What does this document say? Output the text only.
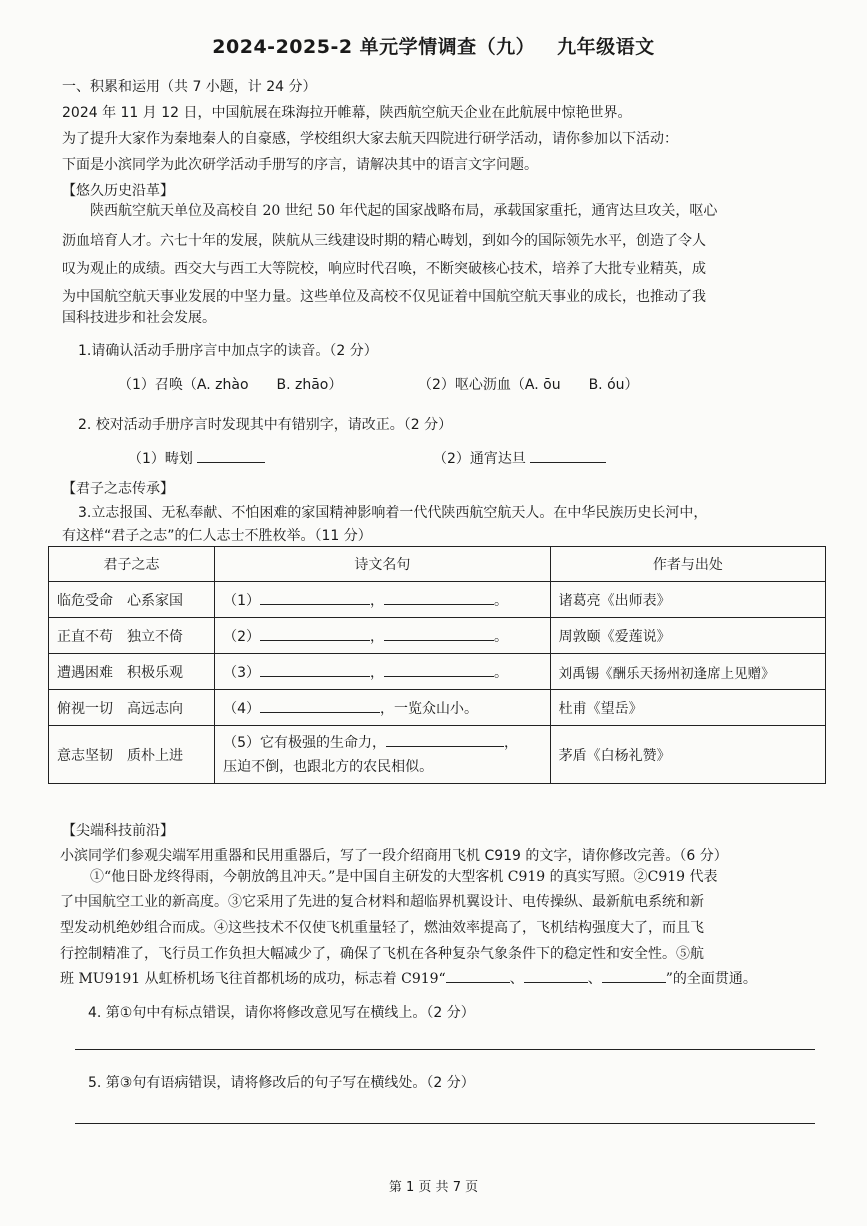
2024-2025-2 单元学情调查（九） 九年级语文
一、积累和运用（共 7 小题，计 24 分）
2024 年 11 月 12 日，中国航展在珠海拉开帷幕，陕西航空航天企业在此航展中惊艳世界。
为了提升大家作为秦地秦人的自豪感，学校组织大家去航天四院进行研学活动，请你参加以下活动：
下面是小滨同学为此次研学活动手册写的序言，请解决其中的语言文字问题。
【悠久历史沿革】
陕西航空航天单位及高校自 20 世纪 50 年代起的国家战略布局，承载国家重托，通宵达旦攻关，呕心
沥血培育人才。六七十年的发展，陕航从三线建设时期的精心畴划，到如今的国际领先水平，创造了令人
叹为观止的成绩。西交大与西工大等院校，响应时代召唤，不断突破核心技术，培养了大批专业精英，成
为中国航空航天事业发展的中坚力量。这些单位及高校不仅见证着中国航空航天事业的成长，也推动了我
国科技进步和社会发展。
1.请确认活动手册序言中加点字的读音。（2 分）
（1）召唤（A. zhào　　B. zhāo）	（2）呕心沥血（A. ōu　　B. óu）
2. 校对活动手册序言时发现其中有错别字，请改正。（2 分）
（1）畴划	（2）通宵达旦
【君子之志传承】
3.立志报国、无私奉献、不怕困难的家国精神影响着一代代陕西航空航天人。在中华民族历史长河中，
有这样“君子之志”的仁人志士不胜枚举。（11 分）
君子之志	诗文名句	作者与出处
临危受命　心系家国	（1） ， 。	诸葛亮《出师表》
正直不苟　独立不倚	（2） ， 。	周敦颐《爱莲说》
遭遇困难　积极乐观	（3） ， 。	刘禹锡《酬乐天扬州初逢席上见赠》
俯视一切　高远志向	（4） ，一览众山小。	杜甫《望岳》
意志坚韧　质朴上进	（5）它有极强的生命力， ，
压迫不倒，也跟北方的农民相似。	茅盾《白杨礼赞》
【尖端科技前沿】
小滨同学们参观尖端军用重器和民用重器后，写了一段介绍商用飞机 C919 的文字，请你修改完善。（6 分）
①“他日卧龙终得雨，今朝放鸽且冲天。”是中国自主研发的大型客机 C919 的真实写照。②C919 代表
了中国航空工业的新高度。③它采用了先进的复合材料和超临界机翼设计、电传操纵、最新航电系统和新
型发动机绝妙组合而成。④这些技术不仅使飞机重量轻了，燃油效率提高了，飞机结构强度大了，而且飞
行控制精准了，飞行员工作负担大幅减少了，确保了飞机在各种复杂气象条件下的稳定性和安全性。⑤航
班 MU9191 从虹桥机场飞往首都机场的成功，标志着 C919“	、	、	”的全面贯通。
4. 第①句中有标点错误，请你将修改意见写在横线上。（2 分）
5. 第③句有语病错误，请将修改后的句子写在横线处。（2 分）
第 1 页 共 7 页
